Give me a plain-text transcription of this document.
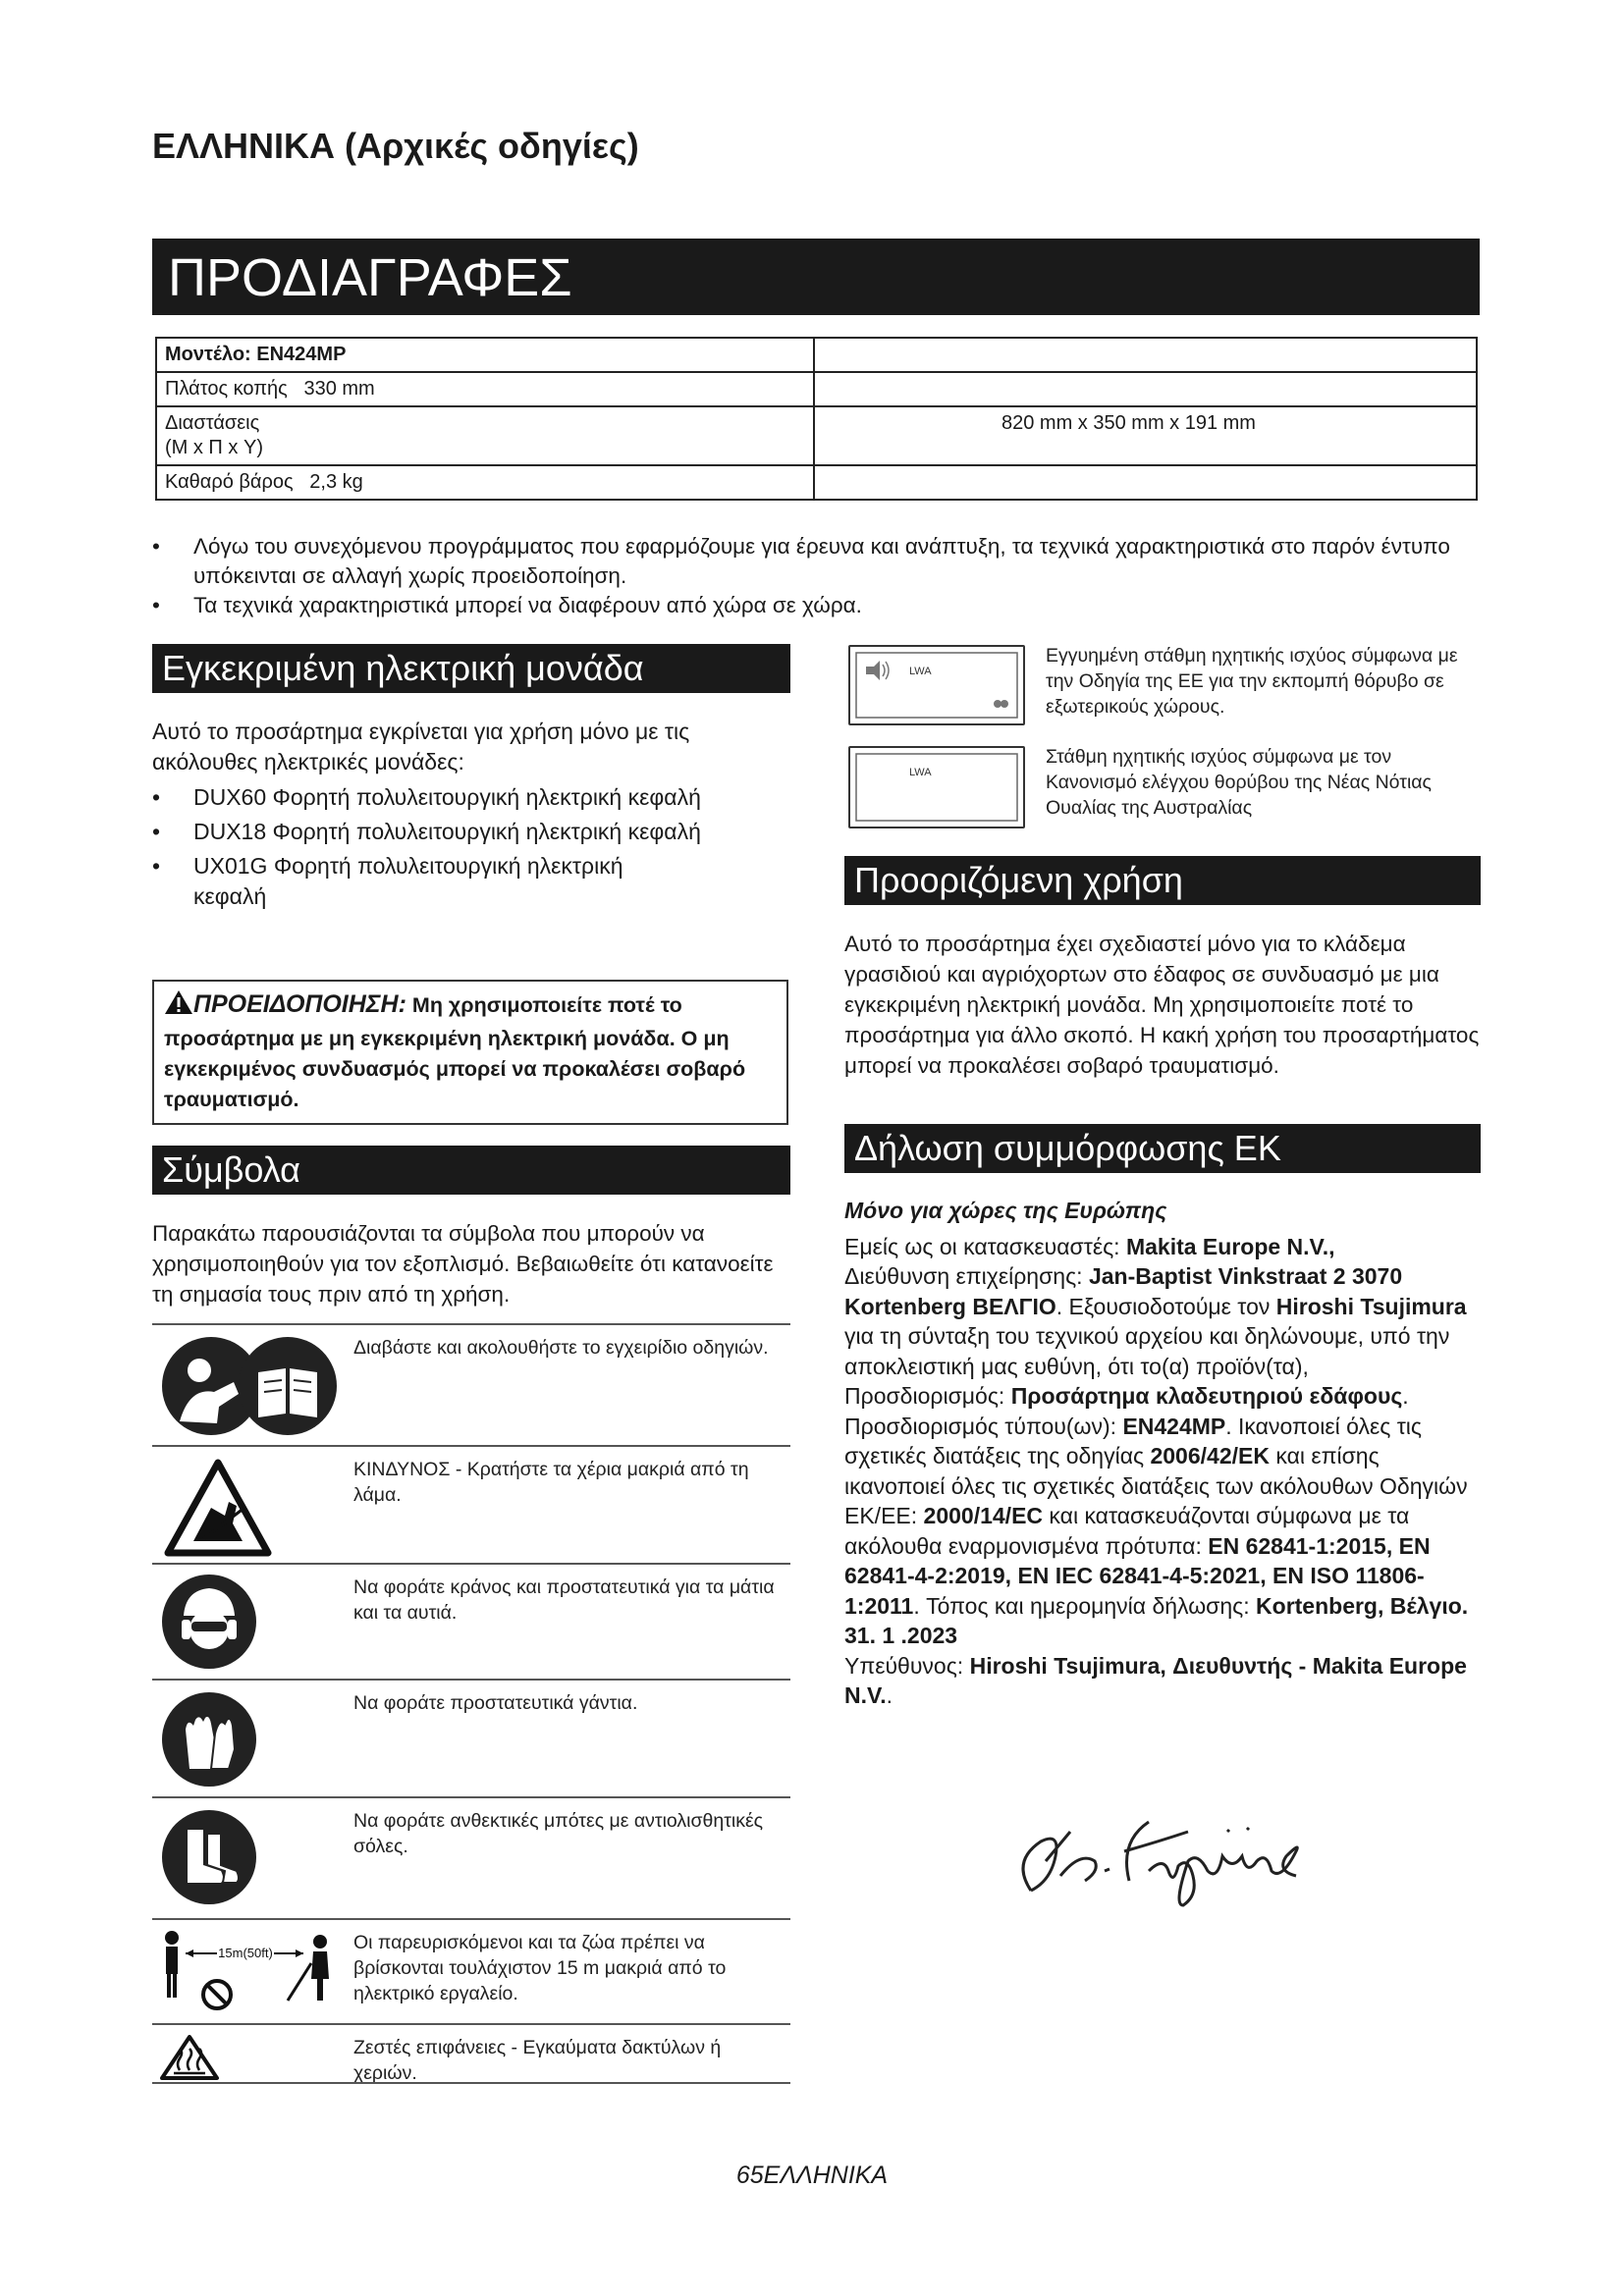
ΕΛΛΗΝΙΚΑ (Αρχικές οδηγίες)
ΠΡΟΔΙΑΓΡΑΦΕΣ
Μοντέλο: EN424MP	
Πλάτος κοπής   330 mm	

Διαστάσεις
(Μ x Π x Υ)	820 mm x 350 mm x 191 mm
Καθαρό βάρος   2,3 kg	
• Λόγω του συνεχόμενου προγράμματος που εφαρμόζουμε για έρευνα και ανάπτυξη, τα τεχνικά χαρακτηριστικά στο παρόν έντυπο υπόκεινται σε αλλαγή χωρίς προειδοποίηση.
• Τα τεχνικά χαρακτηριστικά μπορεί να διαφέρουν από χώρα σε χώρα.
Εγκεκριμένη ηλεκτρική μονάδα
Αυτό το προσάρτημα εγκρίνεται για χρήση μόνο με τις ακόλουθες ηλεκτρικές μονάδες:
• DUX60 Φορητή πολυλειτουργική ηλεκτρική κεφαλή
• DUX18 Φορητή πολυλειτουργική ηλεκτρική κεφαλή
• UX01G Φορητή πολυλειτουργική ηλεκτρική κεφαλή
ΠΡΟΕΙΔΟΠΟΙΗΣΗ: Μη χρησιμοποιείτε ποτέ το προσάρτημα με μη εγκεκριμένη ηλεκτρική μονάδα. Ο μη εγκεκριμένος συνδυασμός μπορεί να προκαλέσει σοβαρό τραυματισμό.
Σύμβολα
Παρακάτω παρουσιάζονται τα σύμβολα που μπορούν να χρησιμοποιηθούν για τον εξοπλισμό. Βεβαιωθείτε ότι κατανοείτε τη σημασία τους πριν από τη χρήση.
Διαβάστε και ακολουθήστε το εγχειρίδιο οδηγιών.
ΚΙΝΔΥΝΟΣ - Κρατήστε τα χέρια μακριά από τη λάμα.
Να φοράτε κράνος και προστατευτικά για τα μάτια και τα αυτιά.
Να φοράτε προστατευτικά γάντια.
Να φοράτε ανθεκτικές μπότες με αντιολισθητικές σόλες.
15m(50ft)	Οι παρευρισκόμενοι και τα ζώα πρέπει να βρίσκονται τουλάχιστον 15 m μακριά από το ηλεκτρικό εργαλείο.
Ζεστές επιφάνειες - Εγκαύματα δακτύλων ή χεριών.
LWA
Εγγυημένη στάθμη ηχητικής ισχύος σύμφωνα με την Οδηγία της ΕΕ για την εκπομπή θόρυβο σε εξωτερικούς χώρους.
LWA
Στάθμη ηχητικής ισχύος σύμφωνα με τον Κανονισμό ελέγχου θορύβου της Νέας Νότιας Ουαλίας της Αυστραλίας
Προοριζόμενη χρήση
Αυτό το προσάρτημα έχει σχεδιαστεί μόνο για το κλάδεμα γρασιδιού και αγριόχορτων στο έδαφος σε συνδυασμό με μια εγκεκριμένη ηλεκτρική μονάδα. Μη χρησιμοποιείτε ποτέ το προσάρτημα για άλλο σκοπό. Η κακή χρήση του προσαρτήματος μπορεί να προκαλέσει σοβαρό τραυματισμό.
Δήλωση συμμόρφωσης ΕΚ
Μόνο για χώρες της Ευρώπης
Εμείς ως οι κατασκευαστές: Makita Europe N.V.,
Διεύθυνση επιχείρησης: Jan-Baptist Vinkstraat 2 3070 Kortenberg ΒΕΛΓΙΟ. Εξουσιοδοτούμε τον Hiroshi Tsujimura για τη σύνταξη του τεχνικού αρχείου και δηλώνουμε, υπό την αποκλειστική μας ευθύνη, ότι το(α) προϊόν(τα),
Προσδιορισμός: Προσάρτημα κλαδευτηριού εδάφους. Προσδιορισμός τύπου(ων): EN424MP. Ικανοποιεί όλες τις σχετικές διατάξεις της οδηγίας 2006/42/ΕΚ και επίσης ικανοποιεί όλες τις σχετικές διατάξεις των ακόλουθων Οδηγιών ΕΚ/ΕΕ: 2000/14/EC και κατασκευάζονται σύμφωνα με τα ακόλουθα εναρμονισμένα πρότυπα: EN 62841-1:2015, EN 62841-4-2:2019, EN IEC 62841-4-5:2021, EN ISO 11806-1:2011. Τόπος και ημερομηνία δήλωσης: Kortenberg, Βέλγιο. 31. 1 .2023
Υπεύθυνος: Hiroshi Tsujimura, Διευθυντής - Makita Europe N.V..
65ΕΛΛΗΝΙΚΑ
